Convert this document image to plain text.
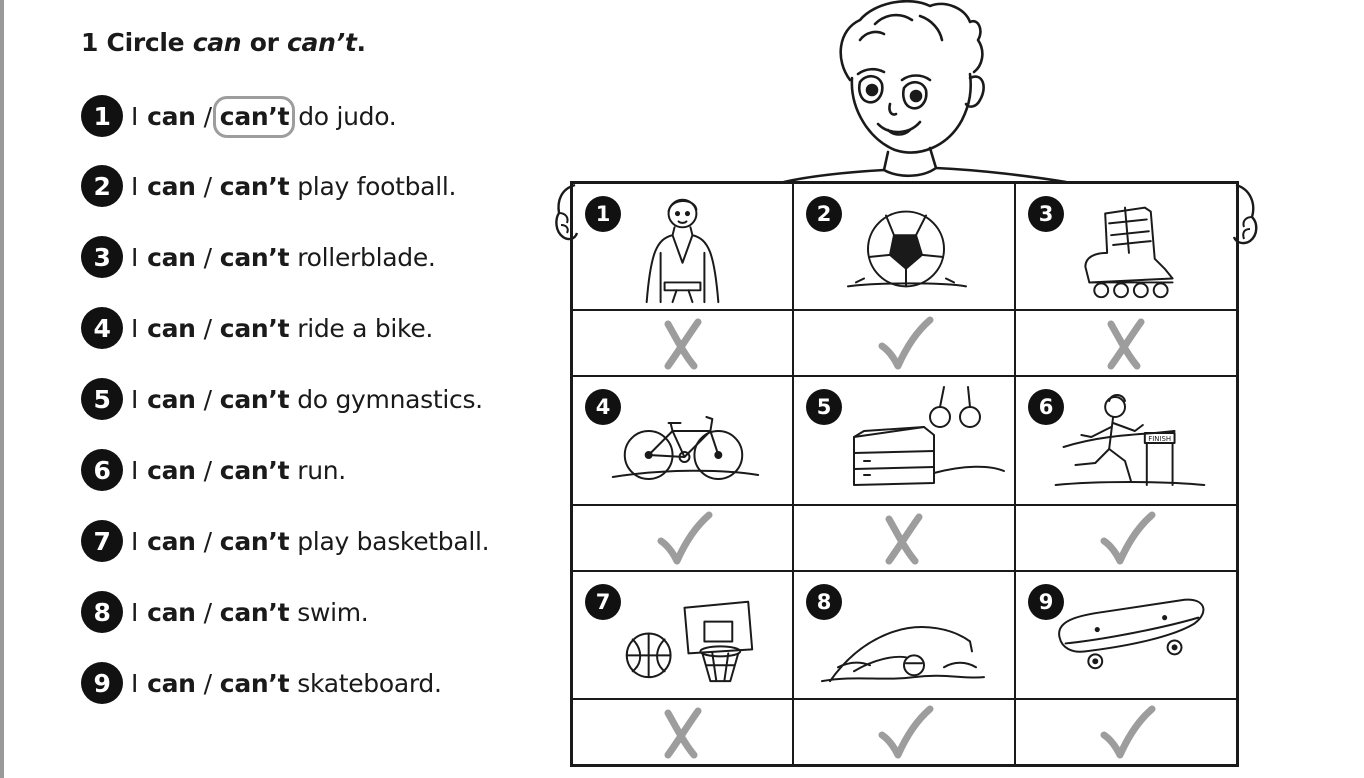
1 Circle can or can’t.
1 I can / can’t do judo.
2 I can / can’t play football.
3 I can / can’t rollerblade.
4 I can / can’t ride a bike.
5 I can / can’t do gymnastics.
6 I can / can’t run.
7 I can / can’t play basketball.
8 I can / can’t swim.
9 I can / can’t skateboard.
1	2	3
4	5
FINISH
6
7	8	9
